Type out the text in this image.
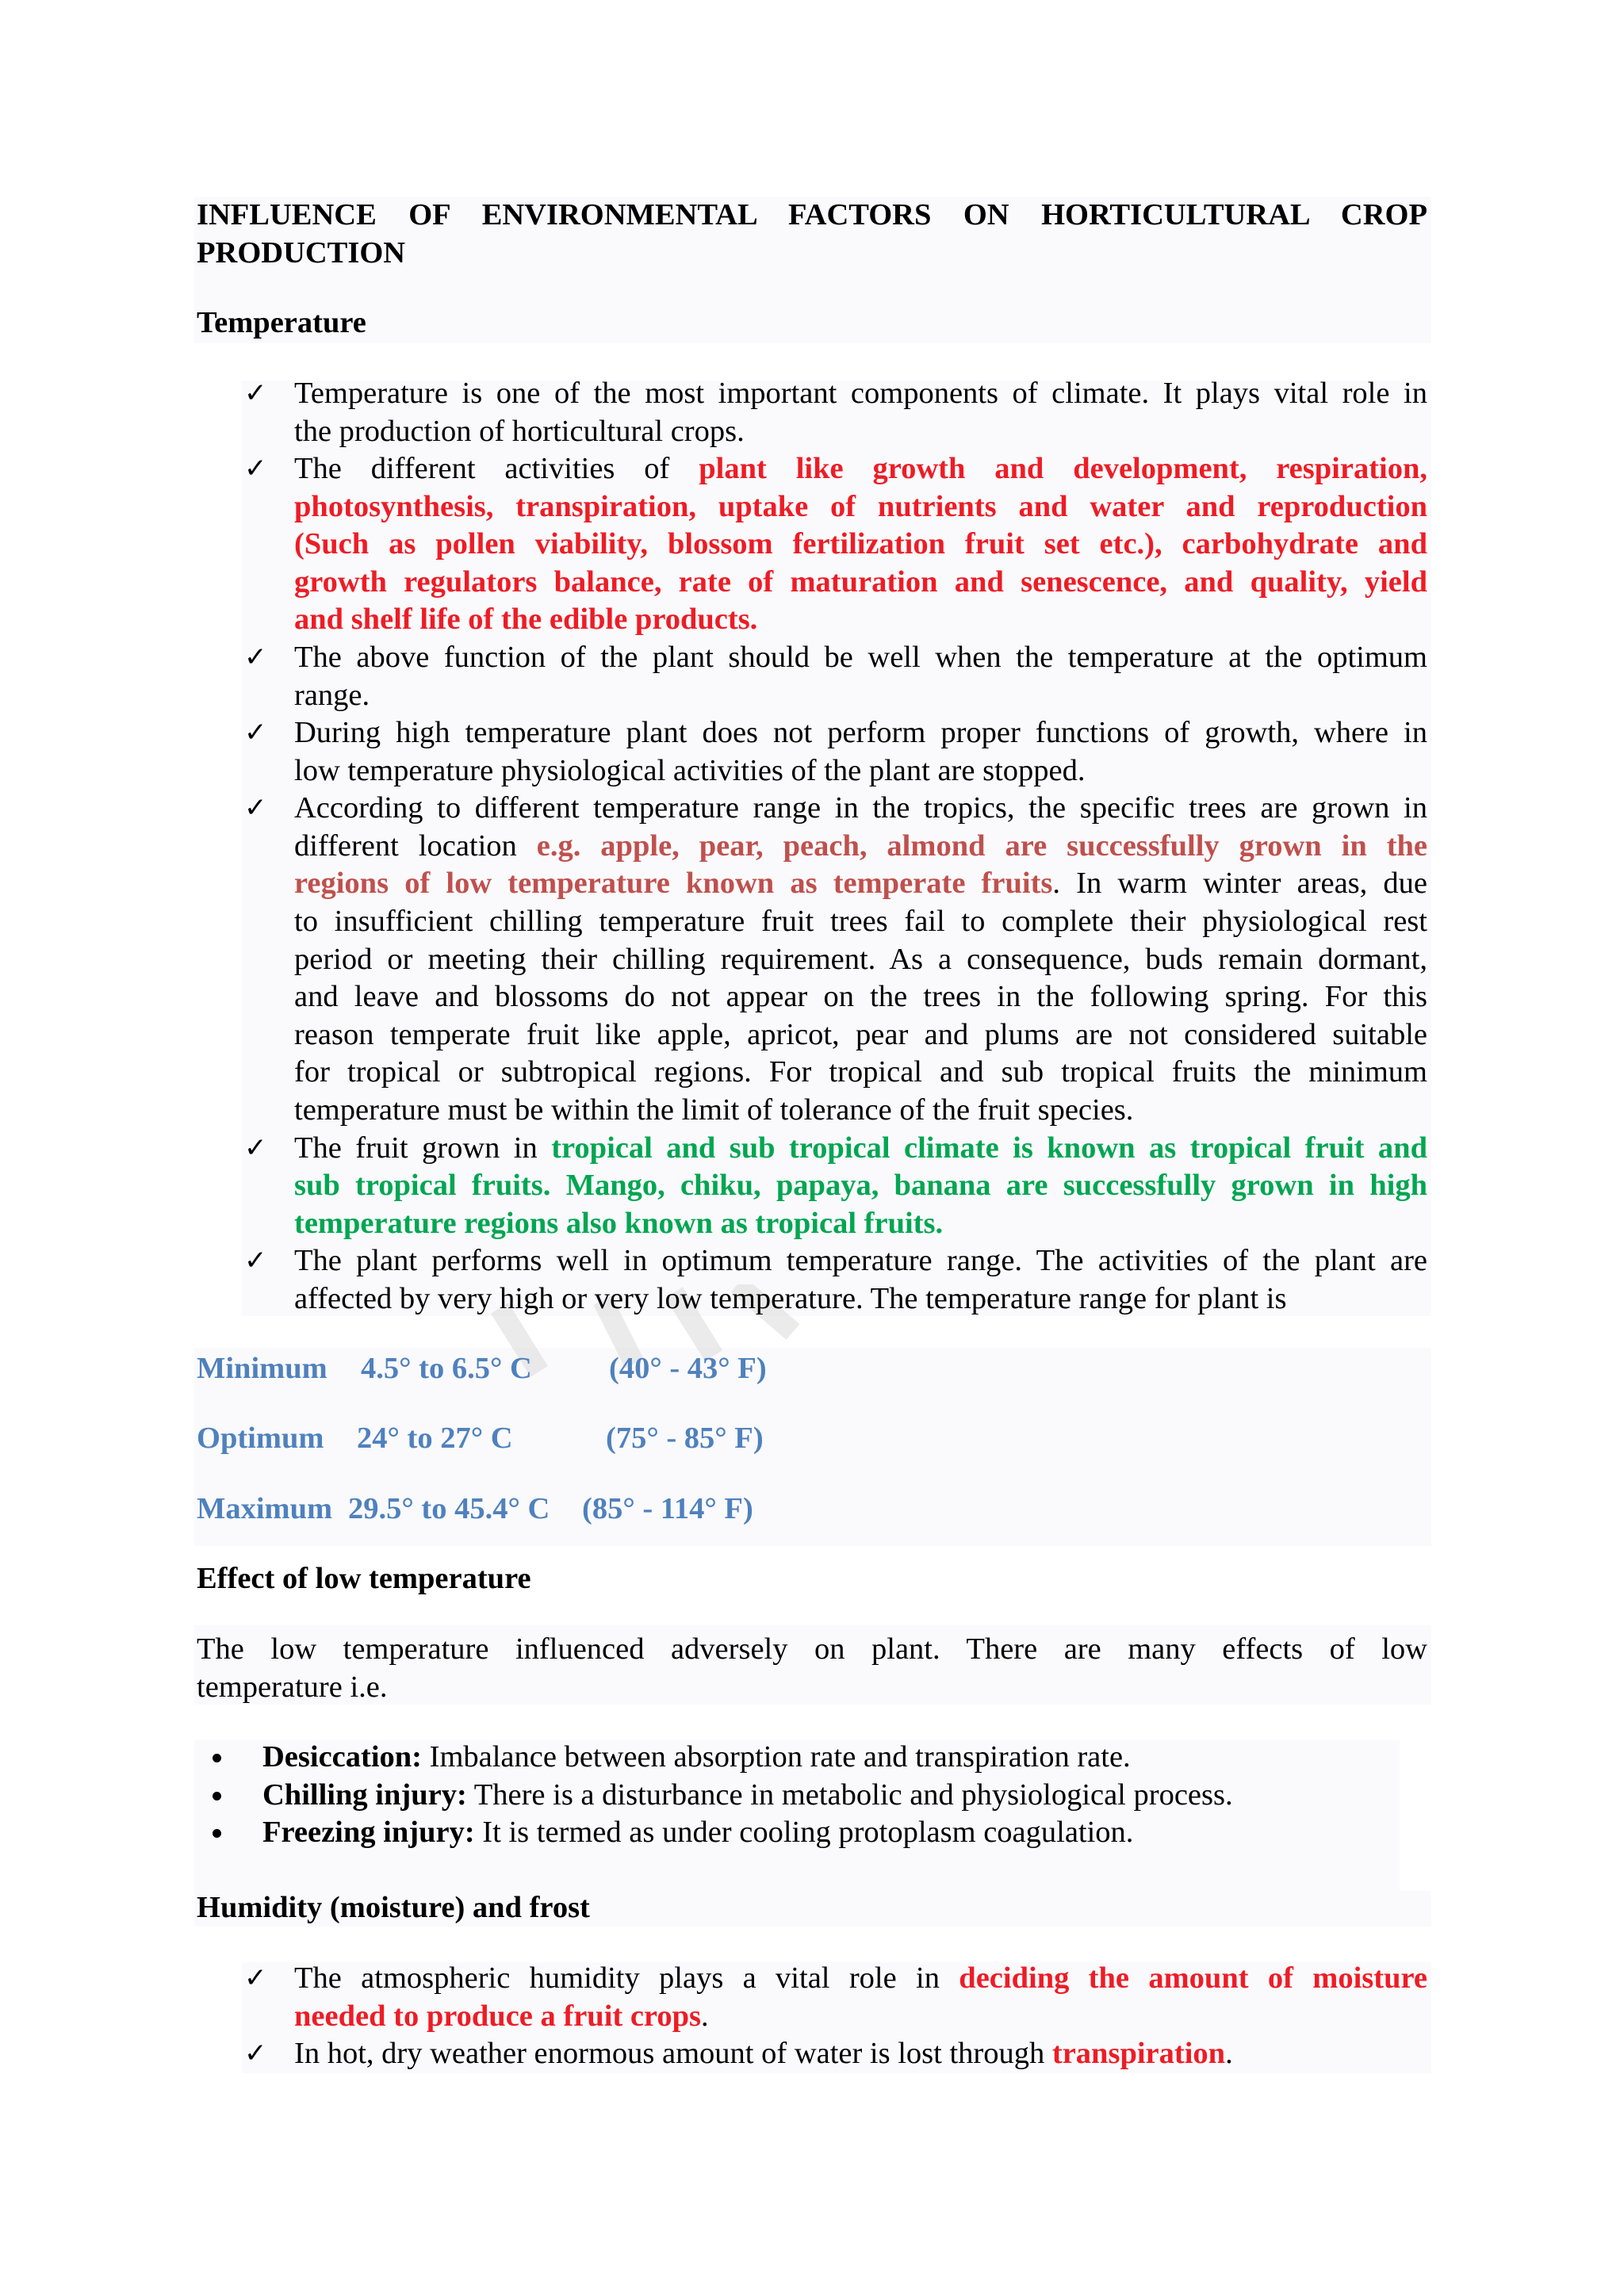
INFLUENCE OF ENVIRONMENTAL FACTORS ON HORTICULTURAL CROP

PRODUCTION

Temperature

✓ Temperature is one of the most important components of climate. It plays vital role in

the production of horticultural crops.

✓ The different activities of plant like growth and development, respiration,

photosynthesis, transpiration, uptake of nutrients and water and reproduction

(Such as pollen viability, blossom fertilization fruit set etc.), carbohydrate and

growth regulators balance, rate of maturation and senescence, and quality, yield

and shelf life of the edible products.

✓ The above function of the plant should be well when the temperature at the optimum

range.

✓ During high temperature plant does not perform proper functions of growth, where in

low temperature physiological activities of the plant are stopped.

✓ According to different temperature range in the tropics, the specific trees are grown in

different location e.g. apple, pear, peach, almond are successfully grown in the

regions of low temperature known as temperate fruits. In warm winter areas, due

to insufficient chilling temperature fruit trees fail to complete their physiological rest

period or meeting their chilling requirement. As a consequence, buds remain dormant,

and leave and blossoms do not appear on the trees in the following spring. For this

reason temperate fruit like apple, apricot, pear and plums are not considered suitable

for tropical or subtropical regions. For tropical and sub tropical fruits the minimum

temperature must be within the limit of tolerance of the fruit species.

✓ The fruit grown in tropical and sub tropical climate is known as tropical fruit and

sub tropical fruits. Mango, chiku, papaya, banana are successfully grown in high

temperature regions also known as tropical fruits.

✓ The plant performs well in optimum temperature range. The activities of the plant are

affected by very high or very low temperature. The temperature range for plant is

Minimum

4.5° to 6.5° C

	(40° - 43° F)

Optimum

24° to 27° C

	(75° - 85° F)

Maximum

29.5° to 45.4° C

(85° - 114° F)

Effect of low temperature

The low temperature influenced adversely on plant. There are many effects of low

temperature i.e.

Desiccation: Imbalance between absorption rate and transpiration rate.

Chilling injury: There is a disturbance in metabolic and physiological process.

Freezing injury: It is termed as under cooling protoplasm coagulation.

Humidity (moisture) and frost

✓ The atmospheric humidity plays a vital role in deciding the amount of moisture

needed to produce a fruit crops.

✓ In hot, dry weather enormous amount of water is lost through transpiration.
